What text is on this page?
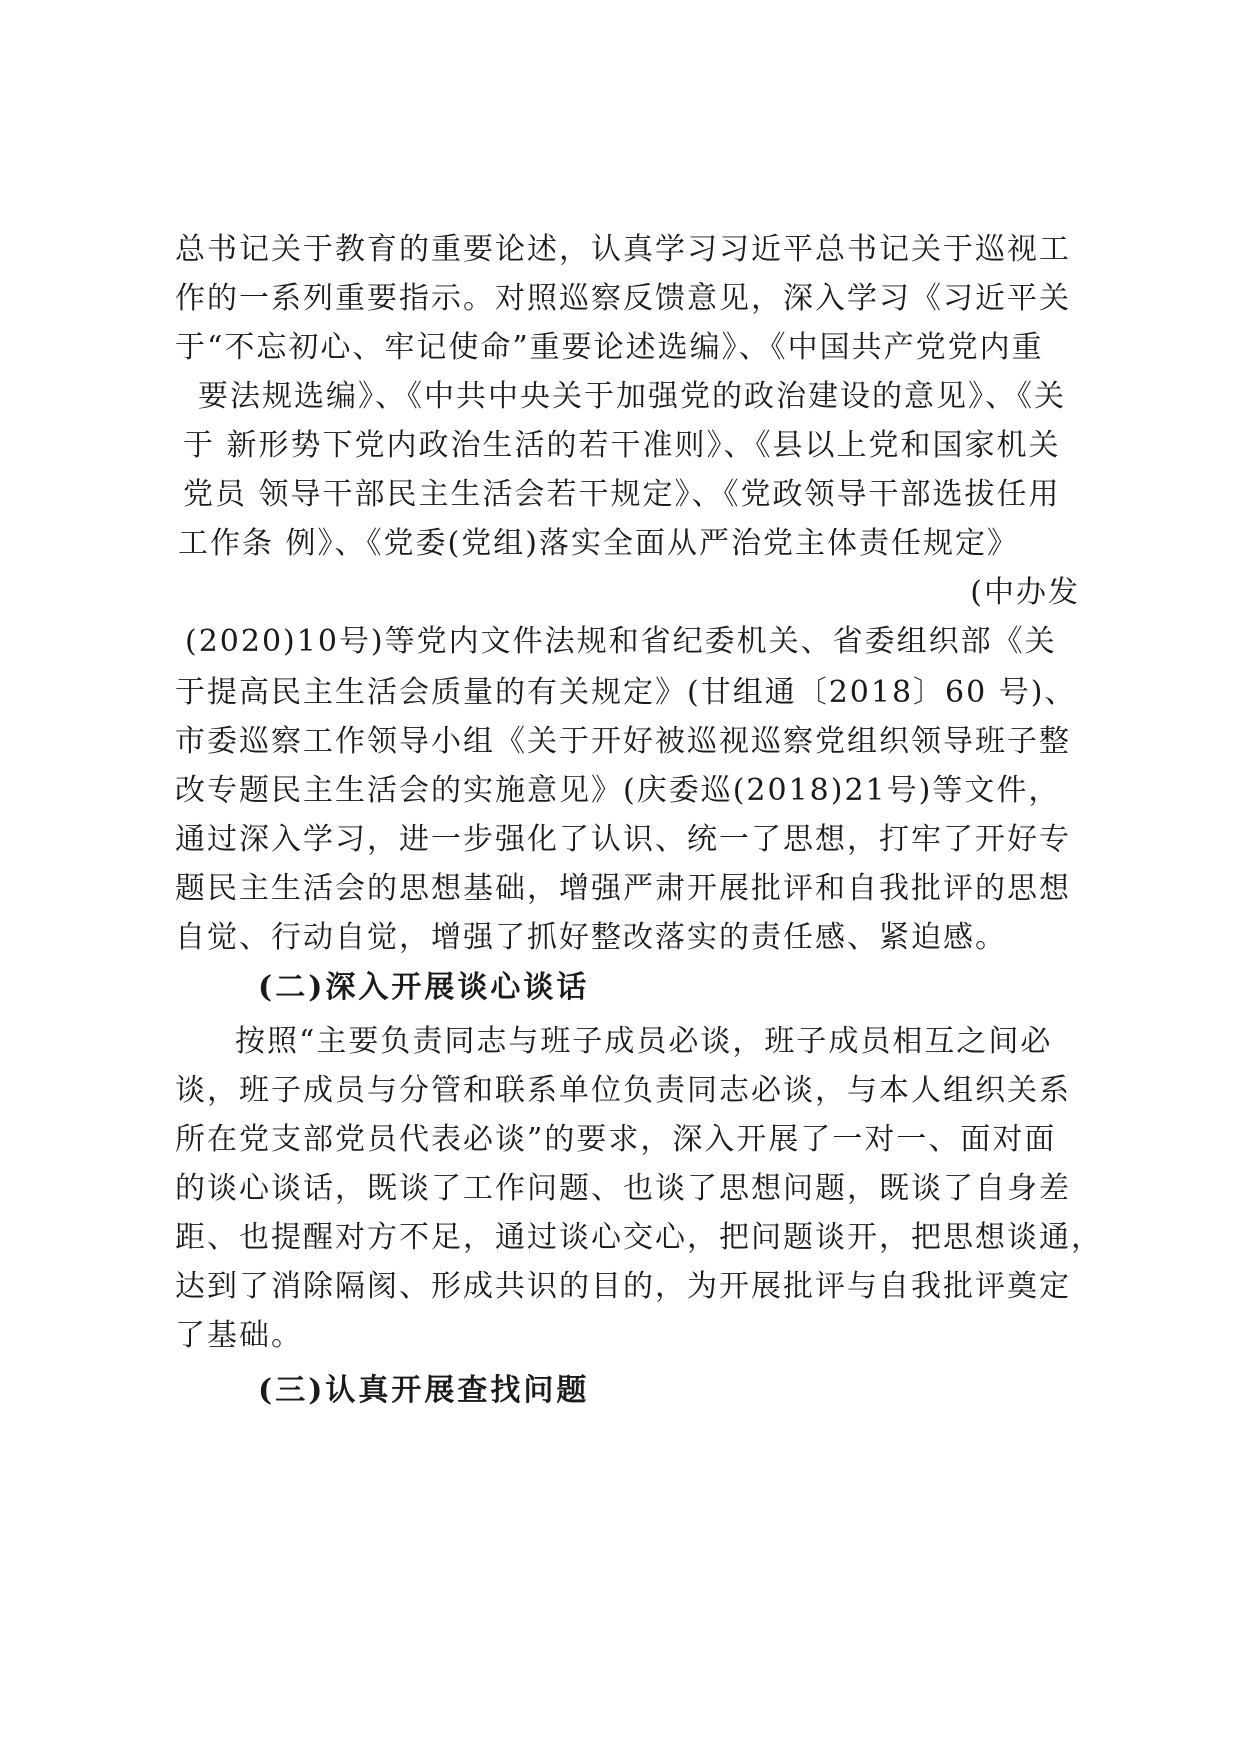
总书记关于教育的重要论述，认真学习习近平总书记关于巡视工
作的一系列重要指示。对照巡察反馈意见，深入学习《习近平关
于“不忘初心、牢记使命”重要论述选编》、《中国共产党党内重
要法规选编》、《中共中央关于加强党的政治建设的意见》、《关
于 新形势下党内政治生活的若干准则》、《县以上党和国家机关
党员 领导干部民主生活会若干规定》、《党政领导干部选拔任用
工作条 例》、《党委(党组)落实全面从严治党主体责任规定》
(中办发
(2020)10号)等党内文件法规和省纪委机关、省委组织部《关
于提高民主生活会质量的有关规定》(甘组通〔2018〕60 号)、
市委巡察工作领导小组《关于开好被巡视巡察党组织领导班子整
改专题民主生活会的实施意见》(庆委巡(2018)21号)等文件，
通过深入学习，进一步强化了认识、统一了思想，打牢了开好专
题民主生活会的思想基础，增强严肃开展批评和自我批评的思想
自觉、行动自觉，增强了抓好整改落实的责任感、紧迫感。
(二)深入开展谈心谈话
按照“主要负责同志与班子成员必谈，班子成员相互之间必
谈，班子成员与分管和联系单位负责同志必谈，与本人组织关系
所在党支部党员代表必谈”的要求，深入开展了一对一、面对面
的谈心谈话，既谈了工作问题、也谈了思想问题，既谈了自身差
距、也提醒对方不足，通过谈心交心，把问题谈开，把思想谈通，
达到了消除隔阂、形成共识的目的，为开展批评与自我批评奠定
了基础。
(三)认真开展查找问题
